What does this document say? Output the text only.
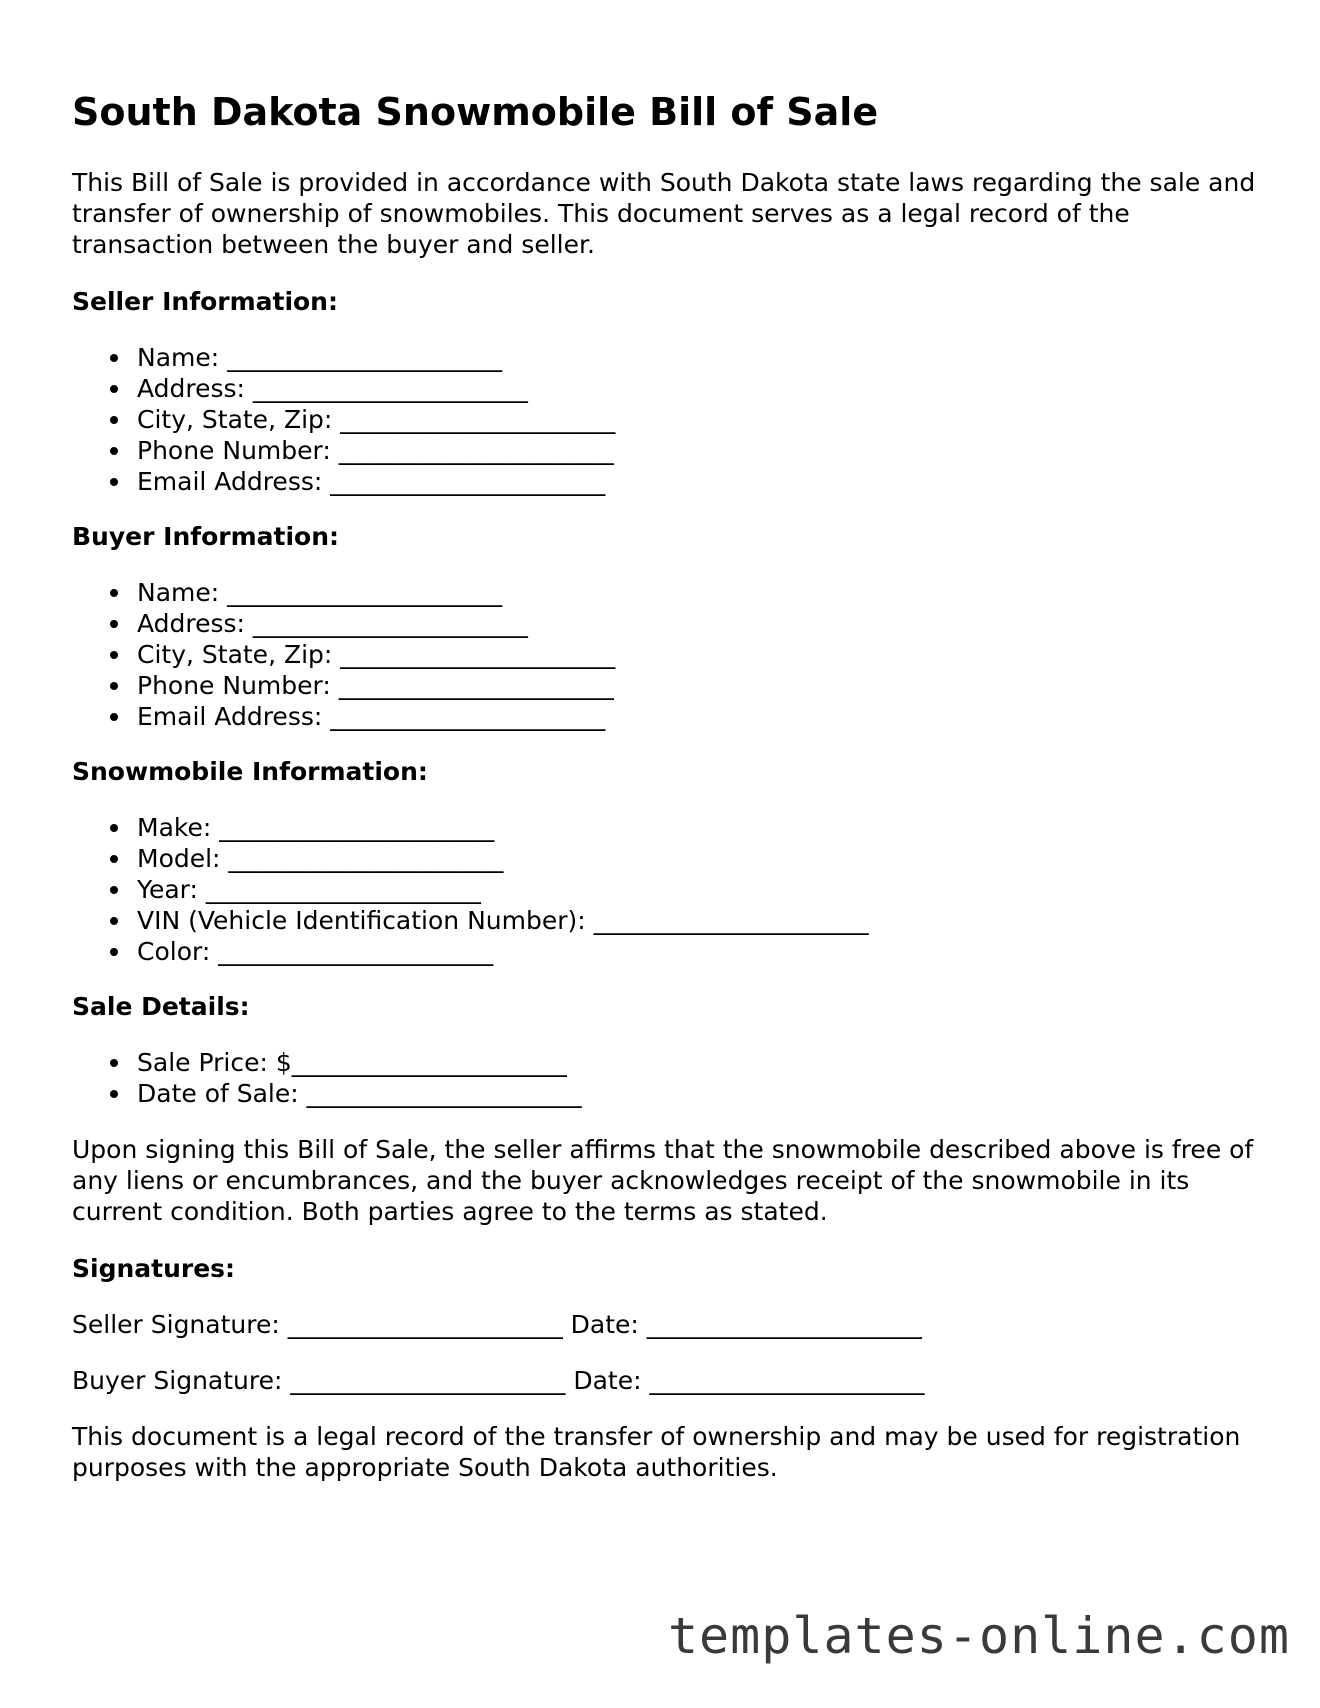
South Dakota Snowmobile Bill of Sale

This Bill of Sale is provided in accordance with South Dakota state laws regarding the sale and transfer of ownership of snowmobiles. This document serves as a legal record of the transaction between the buyer and seller.

Seller Information:

Name: ______________________
Address: ______________________
City, State, Zip: ______________________
Phone Number: ______________________
Email Address: ______________________

Buyer Information:

Name: ______________________
Address: ______________________
City, State, Zip: ______________________
Phone Number: ______________________
Email Address: ______________________

Snowmobile Information:

Make: ______________________
Model: ______________________
Year: ______________________
VIN (Vehicle Identification Number): ______________________
Color: ______________________

Sale Details:

Sale Price: $______________________
Date of Sale: ______________________

Upon signing this Bill of Sale, the seller affirms that the snowmobile described above is free of any liens or encumbrances, and the buyer acknowledges receipt of the snowmobile in its current condition. Both parties agree to the terms as stated.

Signatures:

Seller Signature: ______________________ Date: ______________________

Buyer Signature: ______________________ Date: ______________________

This document is a legal record of the transfer of ownership and may be used for registration purposes with the appropriate South Dakota authorities.

templates-online.com
